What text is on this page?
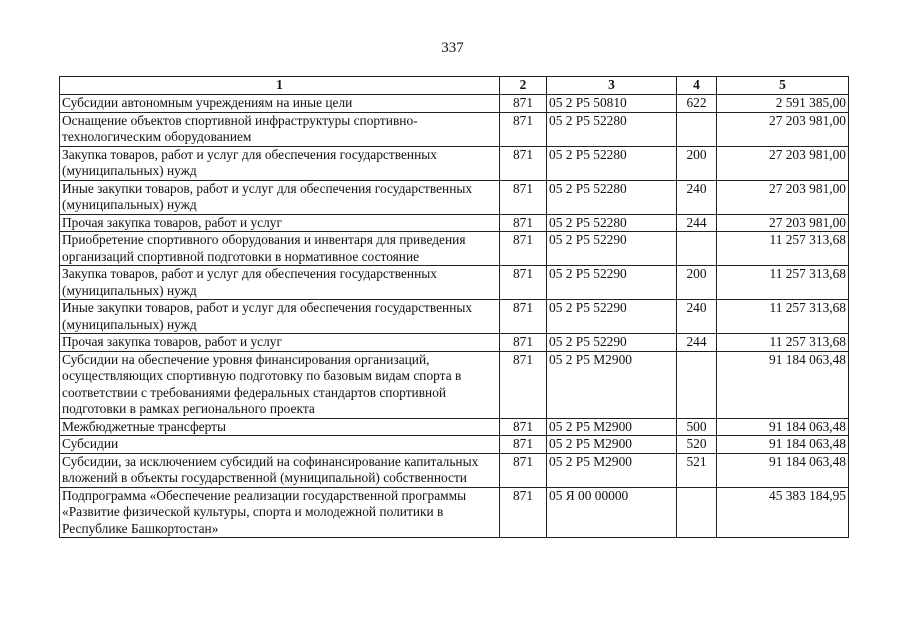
337
1	2	3	4	5
Субсидии автономным учреждениям на иные цели	871	05 2 Р5 50810	622	2 591 385,00
Оснащение объектов спортивной инфраструктуры спортивно-технологическим оборудованием	871	05 2 Р5 52280		27 203 981,00
Закупка товаров, работ и услуг для обеспечения государственных (муниципальных) нужд	871	05 2 Р5 52280	200	27 203 981,00
Иные закупки товаров, работ и услуг для обеспечения государственных (муниципальных) нужд	871	05 2 Р5 52280	240	27 203 981,00
Прочая закупка товаров, работ и услуг	871	05 2 Р5 52280	244	27 203 981,00
Приобретение спортивного оборудования и инвентаря для приведения организаций спортивной подготовки в нормативное состояние	871	05 2 Р5 52290		11 257 313,68
Закупка товаров, работ и услуг для обеспечения государственных (муниципальных) нужд	871	05 2 Р5 52290	200	11 257 313,68
Иные закупки товаров, работ и услуг для обеспечения государственных (муниципальных) нужд	871	05 2 Р5 52290	240	11 257 313,68
Прочая закупка товаров, работ и услуг	871	05 2 Р5 52290	244	11 257 313,68
Субсидии на обеспечение уровня финансирования организаций, осуществляющих спортивную подготовку по базовым видам спорта в соответствии с требованиями федеральных стандартов спортивной подготовки в рамках регионального проекта	871	05 2 Р5 М2900		91 184 063,48
Межбюджетные трансферты	871	05 2 Р5 М2900	500	91 184 063,48
Субсидии	871	05 2 Р5 М2900	520	91 184 063,48
Субсидии, за исключением субсидий на софинансирование капитальных вложений в объекты государственной (муниципальной) собственности	871	05 2 Р5 М2900	521	91 184 063,48
Подпрограмма «Обеспечение реализации государственной программы «Развитие физической культуры, спорта и молодежной политики в Республике Башкортостан»	871	05 Я 00 00000		45 383 184,95
